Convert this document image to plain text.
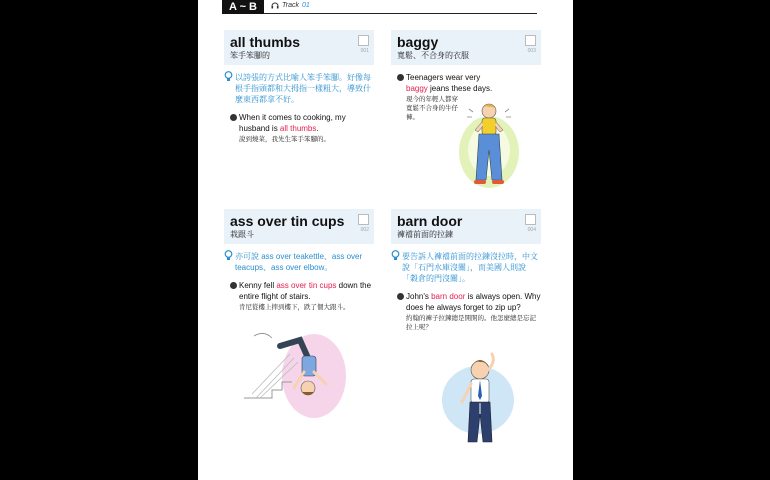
A ~ B	Track 01
all thumbs
笨手笨腳的	001
以誇張的方式比喻人笨手笨腳。好像每根手指頭都和大拇指一樣粗大，導致什麼東西都拿不好。
When it comes to cooking, my husband is all thumbs.
說到燒菜，我先生笨手笨腳的。
baggy
寬鬆、不合身的衣服	003
Teenagers wear very baggy jeans these days.
現今的年輕人都穿寬鬆不合身的牛仔褲。
ass over tin cups
栽跟斗	002
亦可說 ass over teakettle、ass over teacups、ass over elbow。
Kenny fell ass over tin cups down the entire flight of stairs.
肯尼從樓上摔到樓下，跌了個大跟斗。
barn door
褲襠前面的拉鍊	004
要告訴人褲襠前面的拉鍊沒拉時，中文說「石門水庫沒關」，而美國人則說「穀倉的門沒關」。
John's barn door is always open. Why does he always forget to zip up?
約翰的褲子拉鍊總是開開的。他怎麼總是忘記拉上呢？
